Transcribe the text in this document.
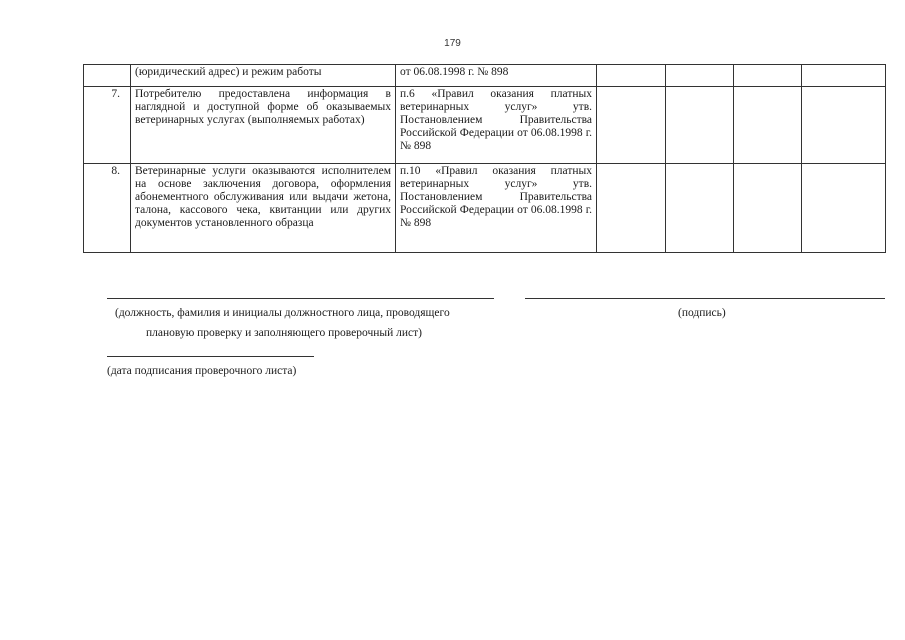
179
	(юридический адрес) и режим работы	от 06.08.1998 г. № 898				
7.	Потребителю предоставлена информация в наглядной и доступной форме об оказываемых ветеринарных услугах (выполняемых работах)	п.6 «Правил оказания платных ветеринарных услуг» утв. Постановлением Правительства Российской Федерации от 06.08.1998 г. № 898				
8.	Ветеринарные услуги оказываются исполнителем на основе заключения договора, оформления абонементного обслуживания или выдачи жетона, талона, кассового чека, квитанции или других документов установленного образца	п.10 «Правил оказания платных ветеринарных услуг» утв. Постановлением Правительства Российской Федерации от 06.08.1998 г. № 898				
(должность, фамилия и инициалы должностного лица, проводящего
плановую проверку и заполняющего проверочный лист)
(подпись)
(дата подписания проверочного листа)
